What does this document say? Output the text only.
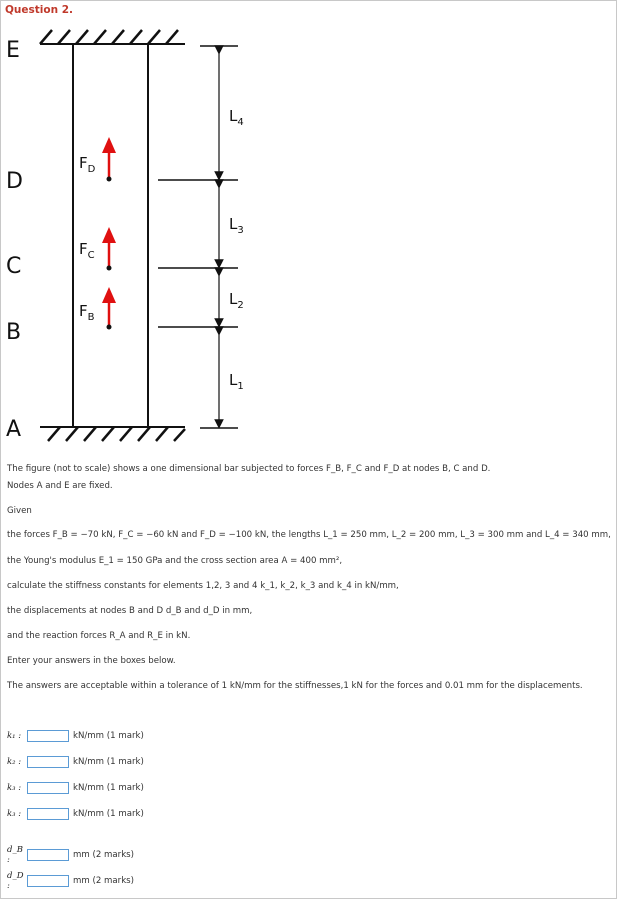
Question 2.
E
D
C
B
A
$F_D$
$F_C$
$F_B$
$L_4$
$L_3$
$L_2$
$L_1$
The figure (not to scale) shows a one dimensional bar subjected to forces F_B, F_C and F_D at nodes B, C and D.
Nodes A and E are fixed.
Given
the forces F_B = −70 kN, F_C = −60 kN and F_D = −100 kN, the lengths L_1 = 250 mm, L_2 = 200 mm, L_3 = 300 mm and L_4 = 340 mm,
the Young's modulus E_1 = 150 GPa and the cross section area A = 400 mm²,
calculate the stiffness constants for elements 1,2, 3 and 4 k_1, k_2, k_3 and k_4 in kN/mm,
the displacements at nodes B and D d_B and d_D in mm,
and the reaction forces R_A and R_E in kN.
Enter your answers in the boxes below.
The answers are acceptable within a tolerance of 1 kN/mm for the stiffnesses,1 kN for the forces and 0.01 mm for the displacements.
k₁ :	kN/mm (1 mark)
k₂ :	kN/mm (1 mark)
k₃ :	kN/mm (1 mark)
k₃ :	kN/mm (1 mark)
d_B :	mm (2 marks)
d_D :	mm (2 marks)
